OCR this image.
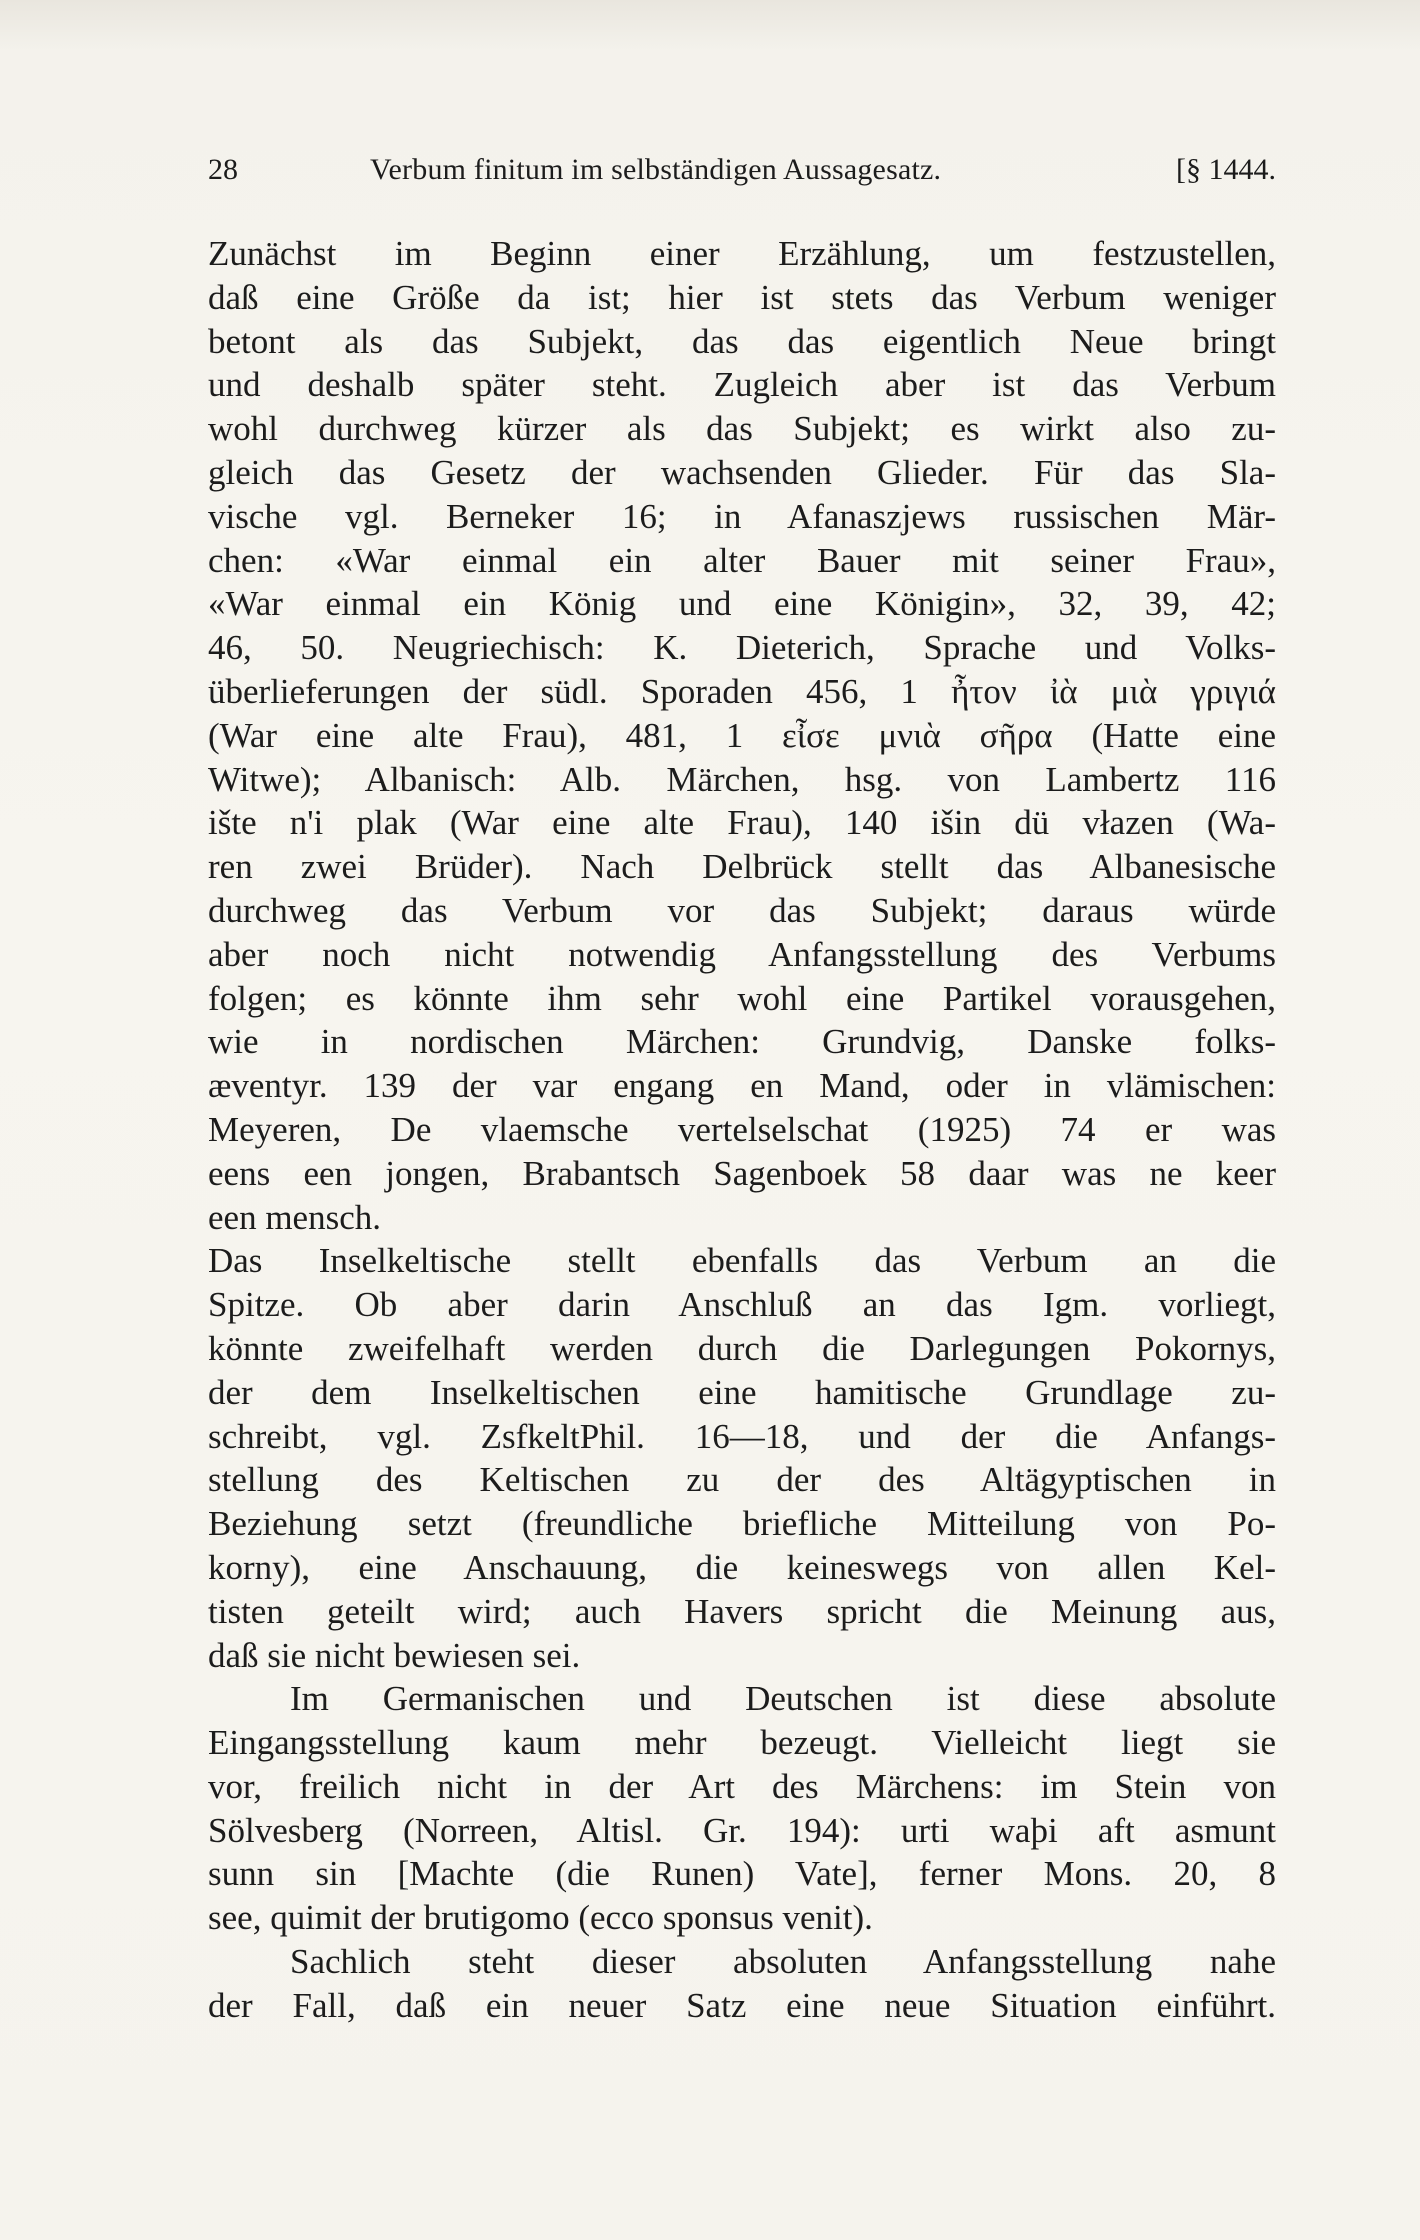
28	Verbum finitum im selbständigen Aussagesatz.	[§ 1444.
Zunächst im Beginn einer Erzählung, um festzustellen,
daß eine Größe da ist; hier ist stets das Verbum weniger
betont als das Subjekt, das das eigentlich Neue bringt
und deshalb später steht. Zugleich aber ist das Verbum
wohl durchweg kürzer als das Subjekt; es wirkt also zu-
gleich das Gesetz der wachsenden Glieder. Für das Sla-
vische vgl. Berneker 16; in Afanaszjews russischen Mär-
chen: «War einmal ein alter Bauer mit seiner Frau»,
«War einmal ein König und eine Königin», 32, 39, 42;
46, 50. Neugriechisch: K. Dieterich, Sprache und Volks-
überlieferungen der südl. Sporaden 456, 1 ἦτον ἰὰ μιὰ γριγιά
(War eine alte Frau), 481, 1 εἶσε μνιὰ σῆρα (Hatte eine
Witwe); Albanisch: Alb. Märchen, hsg. von Lambertz 116
ište n'i plak (War eine alte Frau), 140 išin dü vłazen (Wa-
ren zwei Brüder). Nach Delbrück stellt das Albanesische
durchweg das Verbum vor das Subjekt; daraus würde
aber noch nicht notwendig Anfangsstellung des Verbums
folgen; es könnte ihm sehr wohl eine Partikel vorausgehen,
wie in nordischen Märchen: Grundvig, Danske folks-
æventyr. 139 der var engang en Mand, oder in vlämischen:
Meyeren, De vlaemsche vertelselschat (1925) 74 er was
eens een jongen, Brabantsch Sagenboek 58 daar was ne keer
een mensch.
Das Inselkeltische stellt ebenfalls das Verbum an die
Spitze. Ob aber darin Anschluß an das Igm. vorliegt,
könnte zweifelhaft werden durch die Darlegungen Pokornys,
der dem Inselkeltischen eine hamitische Grundlage zu-
schreibt, vgl. ZsfkeltPhil. 16—18, und der die Anfangs-
stellung des Keltischen zu der des Altägyptischen in
Beziehung setzt (freundliche briefliche Mitteilung von Po-
korny), eine Anschauung, die keineswegs von allen Kel-
tisten geteilt wird; auch Havers spricht die Meinung aus,
daß sie nicht bewiesen sei.
Im Germanischen und Deutschen ist diese absolute
Eingangsstellung kaum mehr bezeugt. Vielleicht liegt sie
vor, freilich nicht in der Art des Märchens: im Stein von
Sölvesberg (Norreen, Altisl. Gr. 194): urti waþi aft asmunt
sunn sin [Machte (die Runen) Vate], ferner Mons. 20, 8
see, quimit der brutigomo (ecco sponsus venit).
Sachlich steht dieser absoluten Anfangsstellung nahe
der Fall, daß ein neuer Satz eine neue Situation einführt.
